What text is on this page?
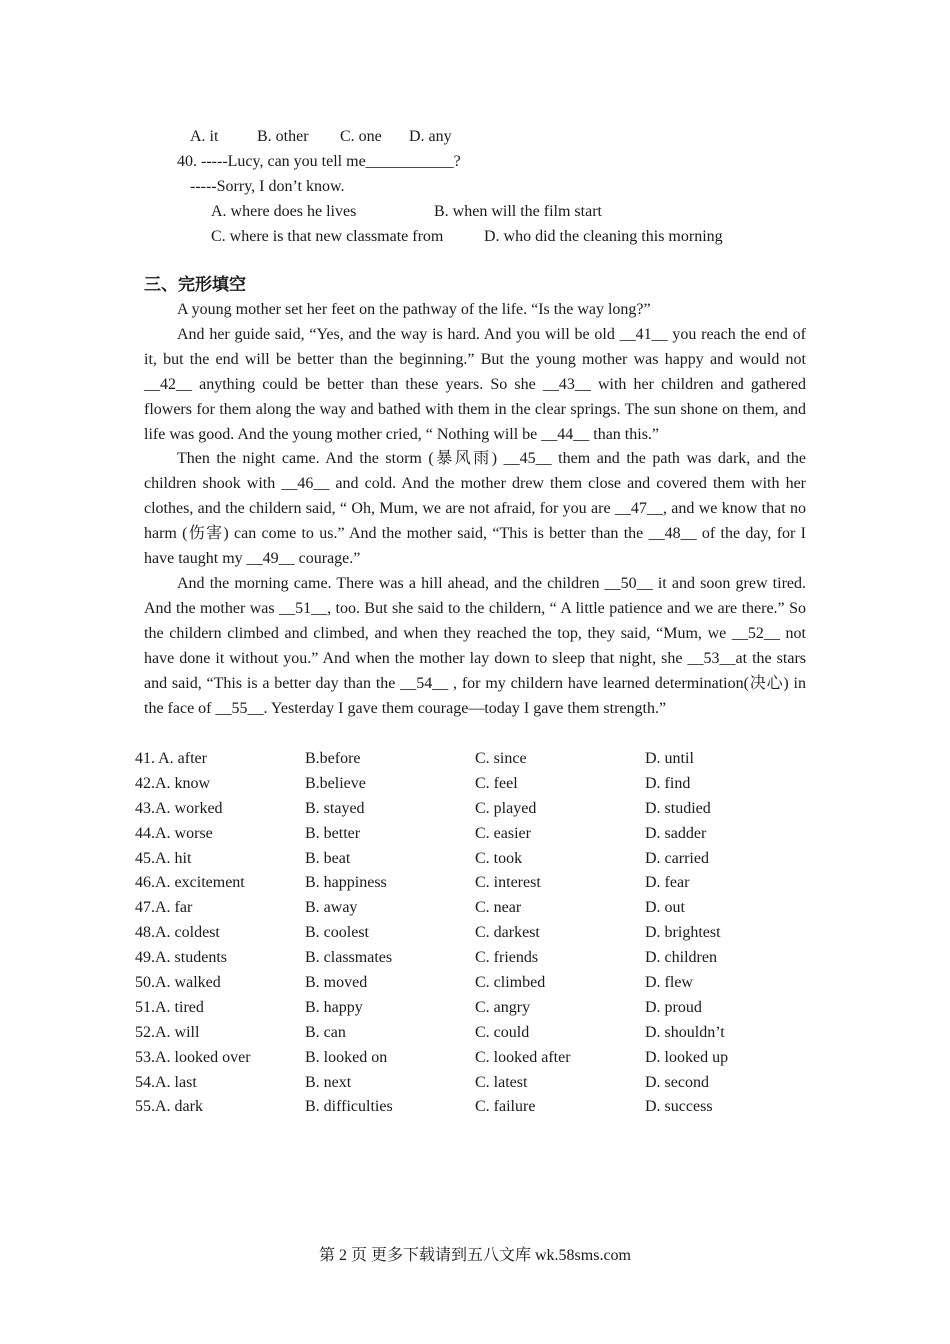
A. it B. other C. one D. any
40. -----Lucy, can you tell me___________?
-----Sorry, I don’t know.
A. where does he lives	B. when will the film start
C. where is that new classmate from	D. who did the cleaning this morning
三、完形填空

A young mother set her feet on the pathway of the life. “Is the way long?”

And her guide said, “Yes, and the way is hard. And you will be old __41__ you reach the end of it, but the end will be better than the beginning.” But the young mother was happy and would not __42__ anything could be better than these years. So she __43__ with her children and gathered flowers for them along the way and bathed with them in the clear springs. The sun shone on them, and life was good. And the young mother cried, “ Nothing will be __44__ than this.”

Then the night came. And the storm (暴风雨) __45__ them and the path was dark, and the children shook with __46__ and cold. And the mother drew them close and covered them with her clothes, and the childern said, “ Oh, Mum, we are not afraid, for you are __47__, and we know that no harm (伤害) can come to us.” And the mother said, “This is better than the __48__ of the day, for I have taught my __49__ courage.”

And the morning came. There was a hill ahead, and the children __50__ it and soon grew tired. And the mother was __51__, too. But she said to the childern, “ A little patience and we are there.” So the childern climbed and climbed, and when they reached the top, they said, “Mum, we __52__ not have done it without you.” And when the mother lay down to sleep that night, she __53__at the stars and said, “This is a better day than the __54__ , for my childern have learned determination(决心) in the face of __55__. Yesterday I gave them courage—today I gave them strength.”

41. A. after	B.before	C. since	D. until
42.A. know	B.believe	C. feel	D. find
43.A. worked	B. stayed	C. played	D. studied
44.A. worse	B. better	C. easier	D. sadder
45.A. hit	B. beat	C. took	D. carried
46.A. excitement	B. happiness	C. interest	D. fear
47.A. far	B. away	C. near	D. out
48.A. coldest	B. coolest	C. darkest	D. brightest
49.A. students	B. classmates	C. friends	D. children
50.A. walked	B. moved	C. climbed	D. flew
51.A. tired	B. happy	C. angry	D. proud
52.A. will	B. can	C. could	D. shouldn’t
53.A. looked over	B. looked on	C. looked after	D. looked up
54.A. last	B. next	C. latest	D. second
55.A. dark	B. difficulties	C. failure	D. success
第 2 页 更多下载请到五八文库 wk.58sms.com
